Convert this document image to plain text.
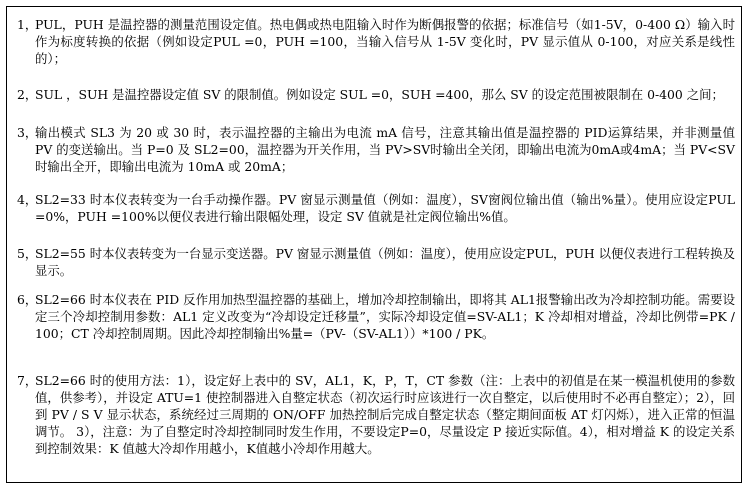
1，
PUL，PUH 是温控器的测量范围设定值。热电偶或热电阻输入时作为断偶报警的依据；标准信号（如1-5V，0-400 Ω）输入时作为标度转换的依据（例如设定PUL =0，PUH =100，当输入信号从 1-5V 变化时，PV 显示值从 0-100，对应关系是线性的）；
2，
SUL ，SUH 是温控器设定值 SV 的限制值。例如设定 SUL =0，SUH =400，那么 SV 的设定范围被限制在 0-400 之间；
3，
输出模式 SL3 为 20 或 30 时，表示温控器的主输出为电流 mA 信号，注意其输出值是温控器的 PID运算结果，并非测量值 PV 的变送输出。当 P=0 及 SL2=00，温控器为开关作用，当 PV>SV时输出全关闭，即输出电流为0mA或4mA；当 PV<SV 时输出全开，即输出电流为 10mA 或 20mA；
4，
SL2=33 时本仪表转变为一台手动操作器。PV 窗显示测量值（例如：温度），SV窗阀位输出值（输出%量）。使用应设定PUL =0%，PUH =100%以便仪表进行输出限幅处理，设定 SV 值就是社定阀位输出%值。
5，
SL2=55 时本仪表转变为一台显示变送器。PV 窗显示测量值（例如：温度），使用应设定PUL，PUH 以便仪表进行工程转换及显示。
6，
SL2=66 时本仪表在 PID 反作用加热型温控器的基础上，增加冷却控制输出，即将其 AL1报警输出改为冷却控制功能。需要设定三个冷却控制用参数：AL1 定义改变为“冷却设定迁移量”，实际冷却设定值=SV-AL1；K 冷却相对增益，冷却比例带=PK / 100；CT 冷却控制周期。因此冷却控制输出%量=（PV-（SV-AL1））*100 / PK。
7，
SL2=66 时的使用方法：1），设定好上表中的 SV，AL1，K，P，T，CT 参数（注：上表中的初值是在某一模温机使用的参数值，供参考），并设定 ATU=1 使控制器进入自整定状态（初次运行时应该进行一次自整定，以后使用时不必再自整定）；2），回到 PV / S V 显示状态，系统经过三周期的 ON/OFF 加热控制后完成自整定状态（整定期间面板 AT 灯闪烁），进入正常的恒温调节。 3），注意：为了自整定时冷却控制同时发生作用，不要设定P=0，尽量设定 P 接近实际值。4），相对增益 K 的设定关系到控制效果：K 值越大冷却作用越小，K值越小冷却作用越大。
